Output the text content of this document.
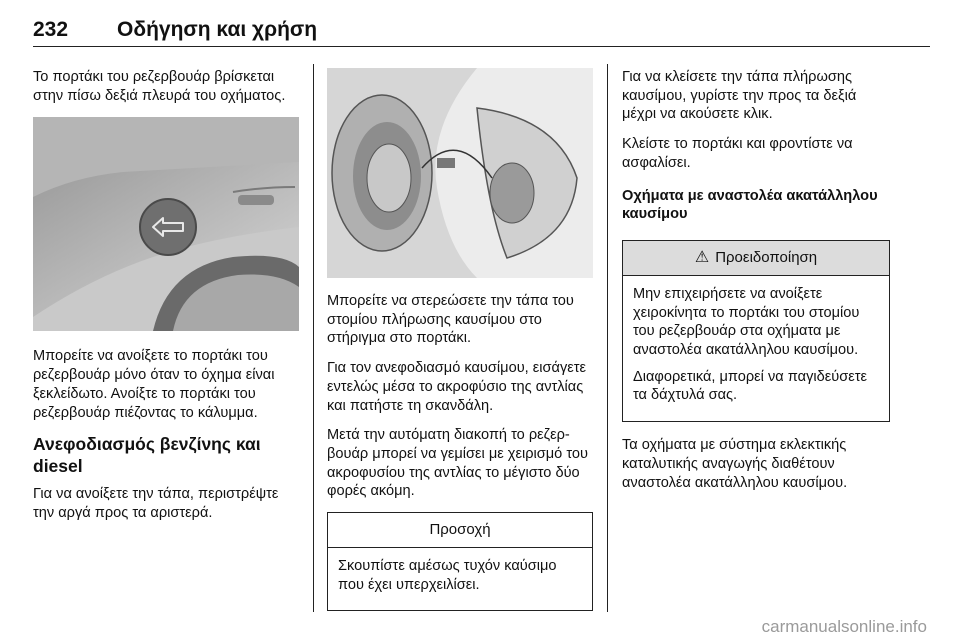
232 Οδήγηση και χρήση

Το πορτάκι του ρεζερβουάρ βρίσκεται στην πίσω δεξιά πλευρά του οχήματος.

Μπορείτε να ανοίξετε το πορτάκι του ρεζερβουάρ μόνο όταν το όχημα είναι ξεκλείδωτο. Ανοίξτε το πορτάκι του ρεζερβουάρ πιέζοντας το κάλυμμα.

Ανεφοδιασμός βενζίνης και diesel

Για να ανοίξετε την τάπα, περιστρέψτε την αργά προς τα αριστερά.

Μπορείτε να στερεώσετε την τάπα του στομίου πλήρωσης καυσίμου στο στήριγμα στο πορτάκι.

Για τον ανεφοδιασμό καυσίμου, εισάγετε εντελώς μέσα το ακροφύσιο της αντλίας και πατήστε τη σκανδάλη.

Μετά την αυτόματη διακοπή το ρεζερβουάρ μπορεί να γεμίσει με χειρισμό του ακροφυσίου της αντλίας το μέγιστο δύο φορές ακόμη.

Προσοχή

Σκουπίστε αμέσως τυχόν καύσιμο που έχει υπερχειλίσει.

Για να κλείσετε την τάπα πλήρωσης καυσίμου, γυρίστε την προς τα δεξιά μέχρι να ακούσετε κλικ.

Κλείστε το πορτάκι και φροντίστε να ασφαλίσει.

Οχήματα με αναστολέα ακατάλληλου καυσίμου
⚠ Προειδοποίηση

Μην επιχειρήσετε να ανοίξετε χειροκίνητα το πορτάκι του στομίου του ρεζερβουάρ στα οχήματα με αναστολέα ακατάλληλου καυσίμου.

Διαφορετικά, μπορεί να παγιδεύσετε τα δάχτυλά σας.

Τα οχήματα με σύστημα εκλεκτικής καταλυτικής αναγωγής διαθέτουν αναστολέα ακατάλληλου καυσίμου.

carmanualsonline.info
